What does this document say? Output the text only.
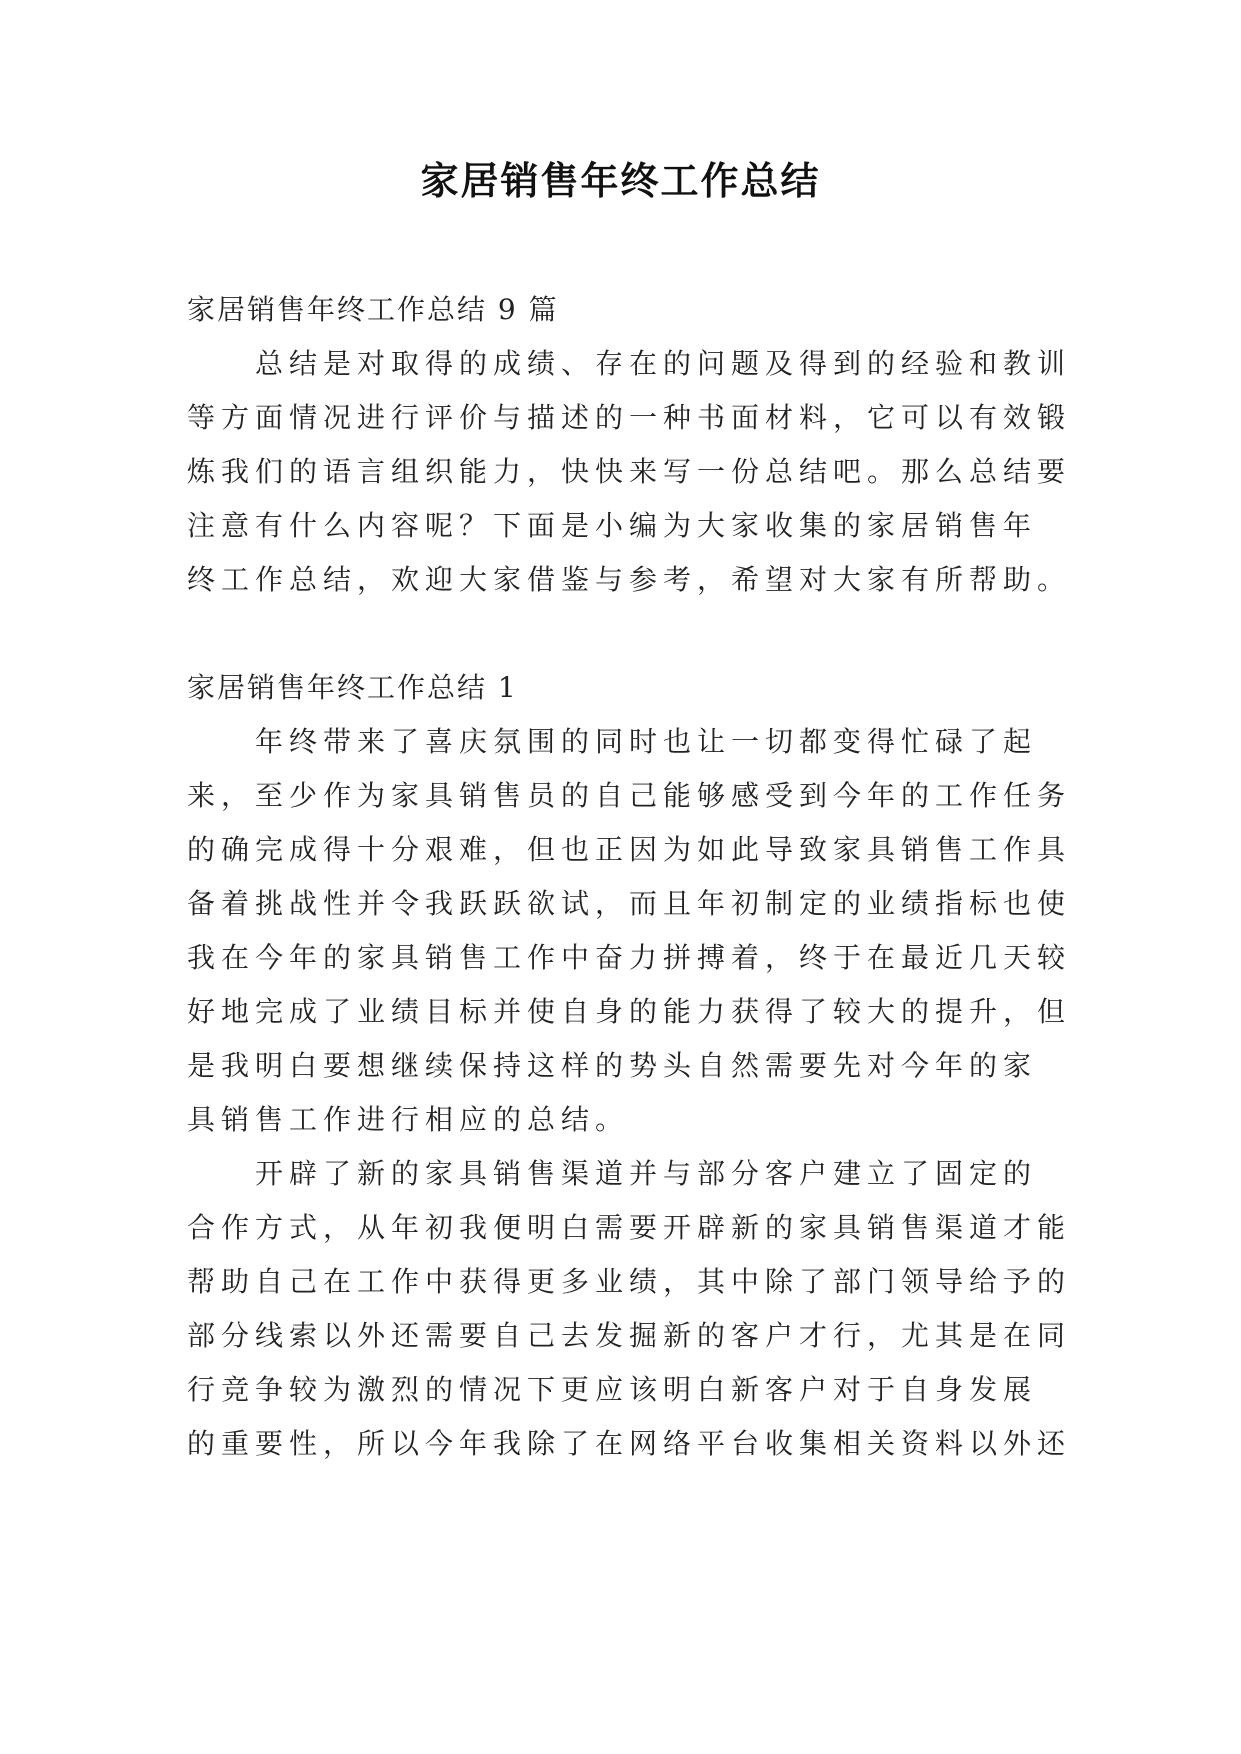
家居销售年终工作总结
家居销售年终工作总结 9 篇
总结是对取得的成绩、存在的问题及得到的经验和教训
等方面情况进行评价与描述的一种书面材料，它可以有效锻
炼我们的语言组织能力，快快来写一份总结吧。那么总结要
注意有什么内容呢？下面是小编为大家收集的家居销售年
终工作总结，欢迎大家借鉴与参考，希望对大家有所帮助。
家居销售年终工作总结 1
年终带来了喜庆氛围的同时也让一切都变得忙碌了起
来，至少作为家具销售员的自己能够感受到今年的工作任务
的确完成得十分艰难，但也正因为如此导致家具销售工作具
备着挑战性并令我跃跃欲试，而且年初制定的业绩指标也使
我在今年的家具销售工作中奋力拼搏着，终于在最近几天较
好地完成了业绩目标并使自身的能力获得了较大的提升，但
是我明白要想继续保持这样的势头自然需要先对今年的家
具销售工作进行相应的总结。
开辟了新的家具销售渠道并与部分客户建立了固定的
合作方式，从年初我便明白需要开辟新的家具销售渠道才能
帮助自己在工作中获得更多业绩，其中除了部门领导给予的
部分线索以外还需要自己去发掘新的客户才行，尤其是在同
行竞争较为激烈的情况下更应该明白新客户对于自身发展
的重要性，所以今年我除了在网络平台收集相关资料以外还
